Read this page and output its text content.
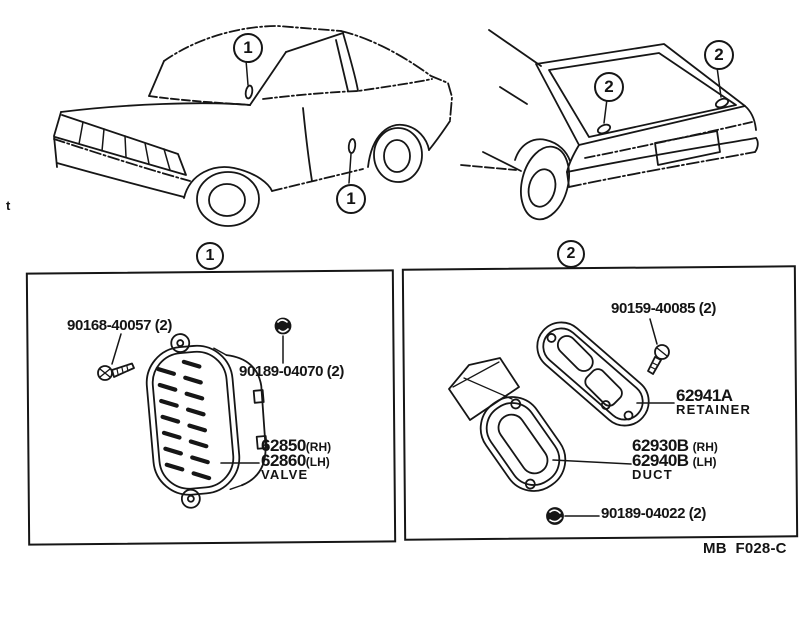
1
1
2
2
1	2
90168-40057 (2)
90189-04070 (2)
62850(RH)
62860(LH)
VALVE
90159-40085 (2)
62941A
RETAINER
62930B (RH)
62940B (LH)
DUCT
90189-04022 (2)
MB  F028-C
t
